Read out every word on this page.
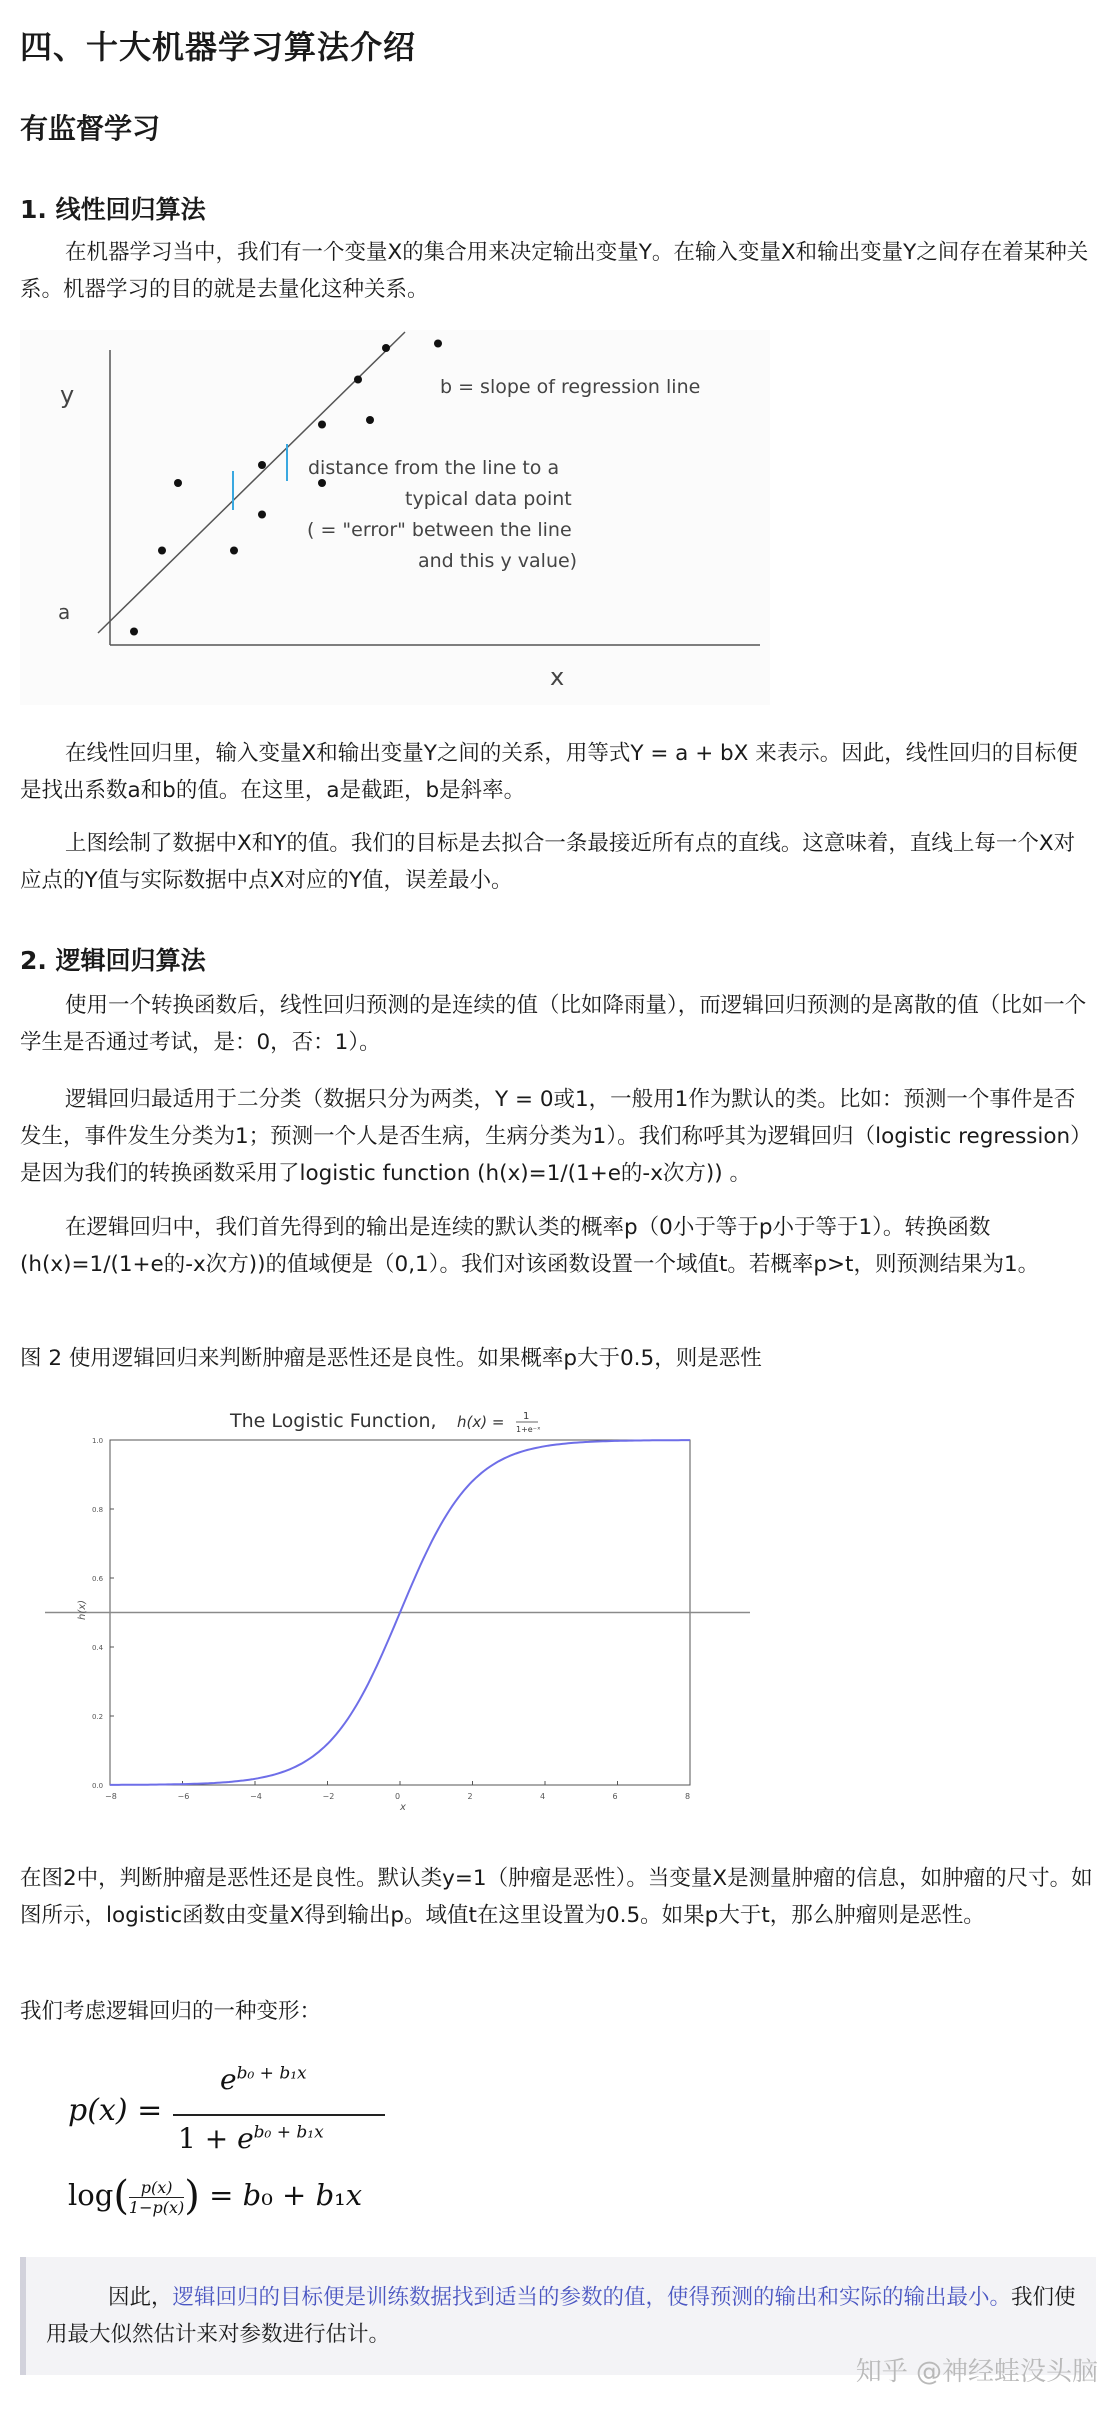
四、十大机器学习算法介绍
有监督学习
1. 线性回归算法

在机器学习当中，我们有一个变量X的集合用来决定输出变量Y。在输入变量X和输出变量Y之间存在着某种关系。机器学习的目的就是去量化这种关系。

y
a
x
b = slope of regression line
distance from the line to a
typical data point
( = "error" between the line
and this y value)

在线性回归里，输入变量X和输出变量Y之间的关系，用等式Y = a + bX 来表示。因此，线性回归的目标便是找出系数a和b的值。在这里，a是截距，b是斜率。

上图绘制了数据中X和Y的值。我们的目标是去拟合一条最接近所有点的直线。这意味着，直线上每一个X对应点的Y值与实际数据中点X对应的Y值，误差最小。

2. 逻辑回归算法

使用一个转换函数后，线性回归预测的是连续的值（比如降雨量），而逻辑回归预测的是离散的值（比如一个学生是否通过考试，是：0，否：1）。

逻辑回归最适用于二分类（数据只分为两类，Y = 0或1，一般用1作为默认的类。比如：预测一个事件是否发生，事件发生分类为1；预测一个人是否生病，生病分类为1）。我们称呼其为逻辑回归（logistic regression）是因为我们的转换函数采用了logistic function (h(x)=1/(1+e的-x次方)) 。

在逻辑回归中，我们首先得到的输出是连续的默认类的概率p（0小于等于p小于等于1）。转换函数 (h(x)=1/(1+e的-x次方))的值域便是（0,1）。我们对该函数设置一个域值t。若概率p>t，则预测结果为1。

图 2 使用逻辑回归来判断肿瘤是恶性还是良性。如果概率p大于0.5，则是恶性

The Logistic Function, h(x) = 1
1+e⁻ˣ
−8	−6	−4	−2	0	2	4	6	8
0.0
0.2
0.4
0.6
0.8
1.0
x
h(x)

在图2中，判断肿瘤是恶性还是良性。默认类y=1（肿瘤是恶性）。当变量X是测量肿瘤的信息，如肿瘤的尺寸。如图所示，logistic函数由变量X得到输出p。域值t在这里设置为0.5。如果p大于t，那么肿瘤则是恶性。

我们考虑逻辑回归的一种变形：

p(x) =
$e^{b_0 + b_1x}$
$1 + e^{b_0 + b_1x}$
$\log( \frac{p(x)}{1-p(x)}$ ) = b₀ + b₁x

因此，逻辑回归的目标便是训练数据找到适当的参数的值，使得预测的输出和实际的输出最小。我们使用最大似然估计来对参数进行估计。

知乎 @神经蛙没头脑
